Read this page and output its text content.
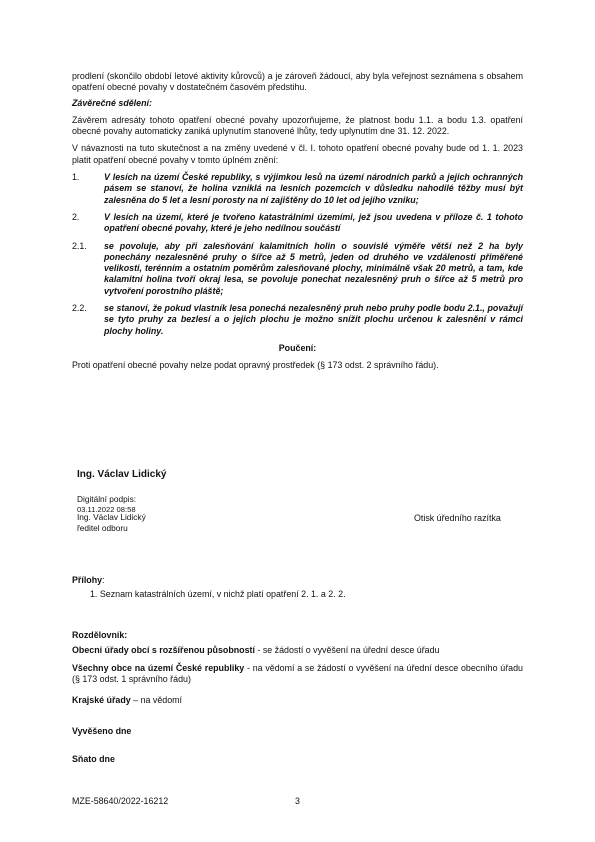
prodlení (skončilo období letové aktivity kůrovců) a je zároveň žádoucí, aby byla veřejnost seznámena s obsahem opatření obecné povahy v dostatečném časovém předstihu.

Závěrečné sdělení:

Závěrem adresáty tohoto opatření obecné povahy upozorňujeme, že platnost bodu 1.1. a bodu 1.3. opatření obecné povahy automaticky zaniká uplynutím stanovené lhůty, tedy uplynutím dne 31. 12. 2022.

V návaznosti na tuto skutečnost a na změny uvedené v čl. I. tohoto opatření obecné povahy bude od 1. 1. 2023 platit opatření obecné povahy v tomto úplném znění:

1.	V lesích na území České republiky, s výjimkou lesů na území národních parků a jejich ochranných pásem se stanoví, že holina vzniklá na lesních pozemcích v důsledku nahodilé těžby musí být zalesněna do 5 let a lesní porosty na ní zajištěny do 10 let od jejího vzniku;
2.	V lesích na území, které je tvořeno katastrálními územími, jež jsou uvedena v příloze č. 1 tohoto opatření obecné povahy, které je jeho nedílnou součástí
2.1.	se povoluje, aby při zalesňování kalamitních holin o souvislé výměře větší než 2 ha byly ponechány nezalesněné pruhy o šířce až 5 metrů, jeden od druhého ve vzdálenosti přiměřené velikosti, terénním a ostatním poměrům zalesňované plochy, minimálně však 20 metrů, a tam, kde kalamitní holina tvoří okraj lesa, se povoluje ponechat nezalesněný pruh o šířce až 5 metrů pro vytvoření porostního pláště;
2.2.	se stanoví, že pokud vlastník lesa ponechá nezalesněný pruh nebo pruhy podle bodu 2.1., považují se tyto pruhy za bezlesí a o jejich plochu je možno snížit plochu určenou k zalesnění v rámci plochy holiny.

Poučení:

Proti opatření obecné povahy nelze podat opravný prostředek (§ 173 odst. 2 správního řádu).

Ing. Václav Lidický

Digitální podpis:

03.11.2022 08:58

Ing. Václav Lidický

ředitel odboru

Otisk úředního razítka

Přílohy:

1. Seznam katastrálních území, v nichž platí opatření 2. 1. a 2. 2.

Rozdělovník:

Obecní úřady obcí s rozšířenou působností - se žádostí o vyvěšení na úřední desce úřadu

Všechny obce na území České republiky - na vědomí a se žádostí o vyvěšení na úřední desce obecního úřadu (§ 173 odst. 1 správního řádu)

Krajské úřady – na vědomí

Vyvěšeno dne

Sňato dne

MZE-58640/2022-16212	3
